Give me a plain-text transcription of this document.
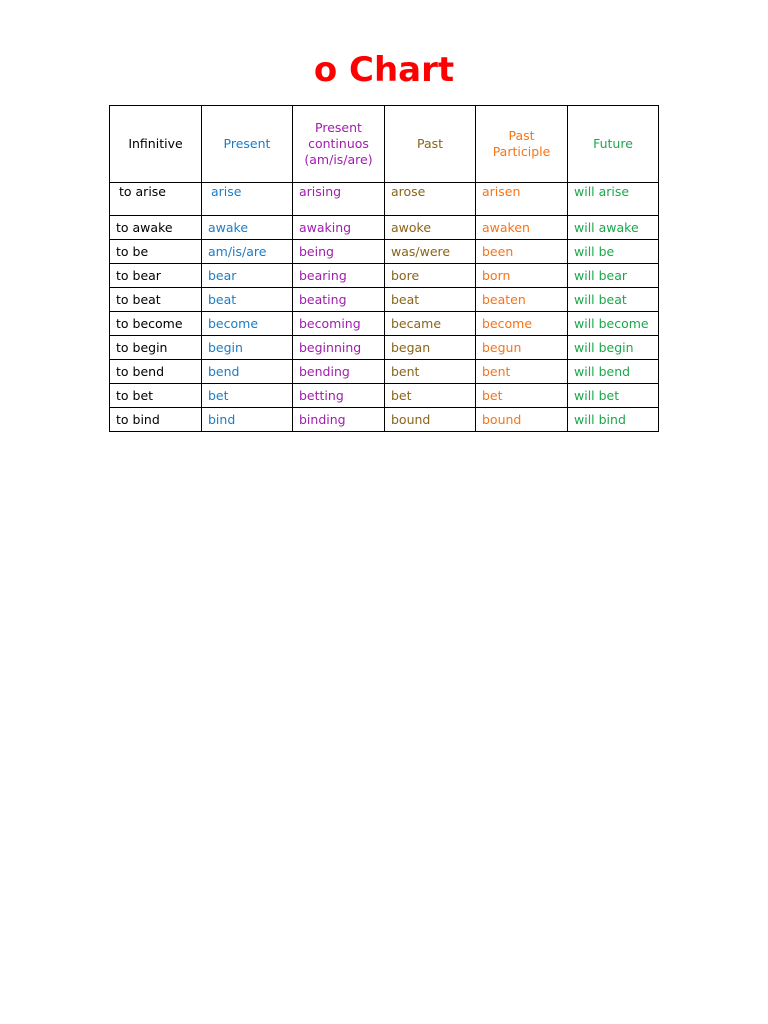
o Chart
Infinitive	Present	Present continuos (am/is/are)	Past	Past Participle	Future
to arise	arise	arising	arose	arisen	will arise
to awake	awake	awaking	awoke	awaken	will awake
to be	am/is/are	being	was/were	been	will be
to bear	bear	bearing	bore	born	will bear
to beat	beat	beating	beat	beaten	will beat
to become	become	becoming	became	become	will become
to begin	begin	beginning	began	begun	will begin
to bend	bend	bending	bent	bent	will bend
to bet	bet	betting	bet	bet	will bet
to bind	bind	binding	bound	bound	will bind
